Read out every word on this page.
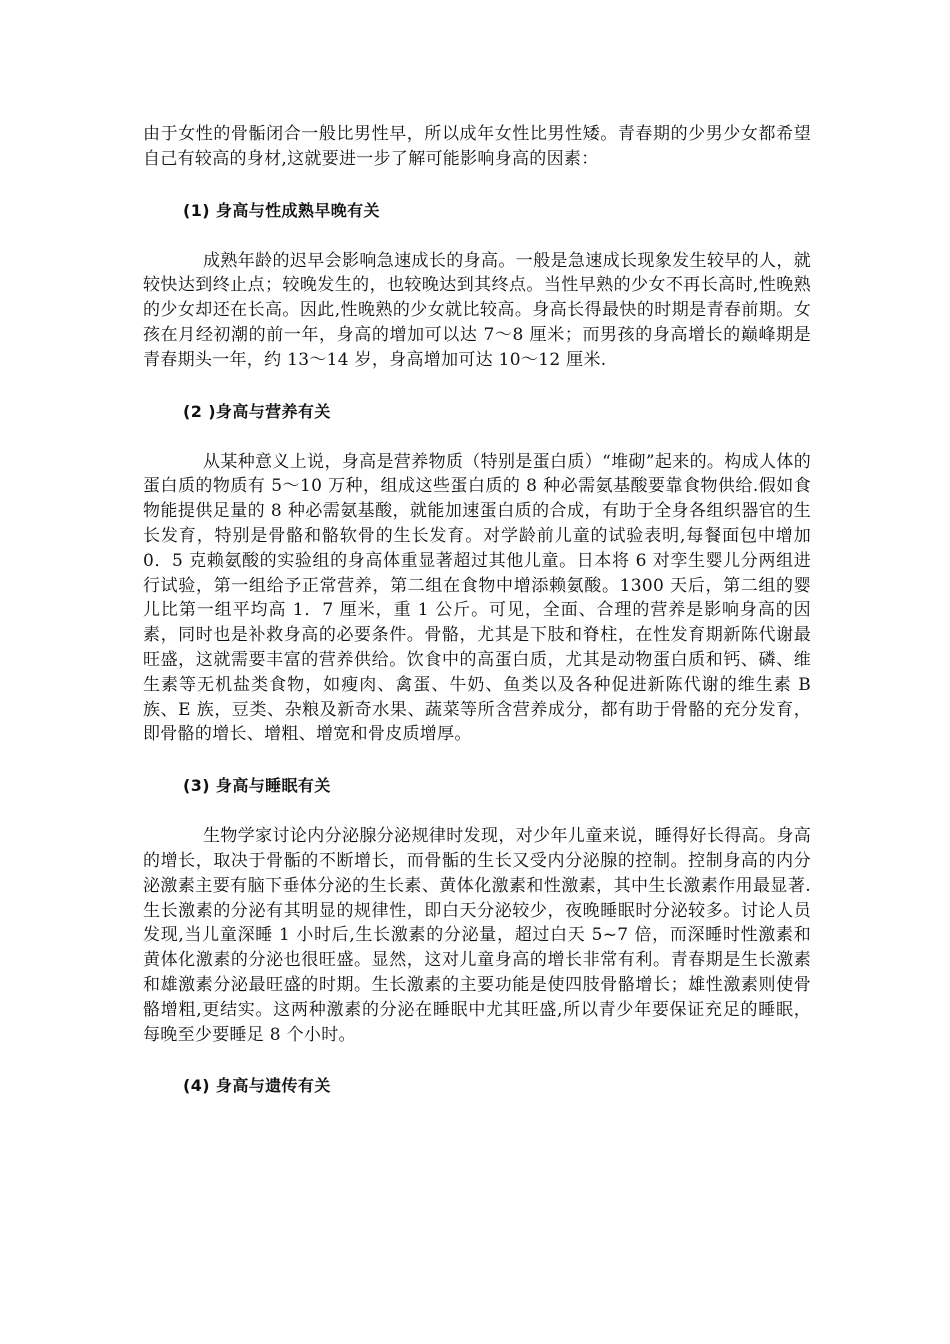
由于女性的骨骺闭合一般比男性早，所以成年女性比男性矮。青春期的少男少女都希望自己有较高的身材,这就要进一步了解可能影响身高的因素：

(1) 身高与性成熟早晚有关

成熟年龄的迟早会影响急速成长的身高。一般是急速成长现象发生较早的人，就较快达到终止点；较晚发生的，也较晚达到其终点。当性早熟的少女不再长高时,性晚熟的少女却还在长高。因此,性晚熟的少女就比较高。身高长得最快的时期是青春前期。女孩在月经初潮的前一年，身高的增加可以达 7～8 厘米；而男孩的身高增长的巅峰期是青春期头一年，约 13～14 岁，身高增加可达 10～12 厘米.

(2 )身高与营养有关

从某种意义上说，身高是营养物质（特别是蛋白质）“堆砌”起来的。构成人体的蛋白质的物质有 5～10 万种，组成这些蛋白质的 8 种必需氨基酸要靠食物供给.假如食物能提供足量的 8 种必需氨基酸，就能加速蛋白质的合成，有助于全身各组织器官的生长发育，特别是骨骼和骼软骨的生长发育。对学龄前儿童的试验表明,每餐面包中增加 0．5 克赖氨酸的实验组的身高体重显著超过其他儿童。日本将 6 对孪生婴儿分两组进行试验，第一组给予正常营养，第二组在食物中增添赖氨酸。1300 天后，第二组的婴儿比第一组平均高 1．7 厘米，重 1 公斤。可见，全面、合理的营养是影响身高的因素，同时也是补救身高的必要条件。骨骼，尤其是下肢和脊柱，在性发育期新陈代谢最旺盛，这就需要丰富的营养供给。饮食中的高蛋白质，尤其是动物蛋白质和钙、磷、维生素等无机盐类食物，如瘦肉、禽蛋、牛奶、鱼类以及各种促进新陈代谢的维生素 B 族、E 族，豆类、杂粮及新奇水果、蔬菜等所含营养成分，都有助于骨骼的充分发育，即骨骼的增长、增粗、增宽和骨皮质增厚。

(3) 身高与睡眠有关

生物学家讨论内分泌腺分泌规律时发现，对少年儿童来说，睡得好长得高。身高的增长，取决于骨骺的不断增长，而骨骺的生长又受内分泌腺的控制。控制身高的内分泌激素主要有脑下垂体分泌的生长素、黄体化激素和性激素，其中生长激素作用最显著.生长激素的分泌有其明显的规律性，即白天分泌较少，夜晚睡眠时分泌较多。讨论人员发现,当儿童深睡 1 小时后,生长激素的分泌量，超过白天 5~7 倍，而深睡时性激素和黄体化激素的分泌也很旺盛。显然，这对儿童身高的增长非常有利。青春期是生长激素和雄激素分泌最旺盛的时期。生长激素的主要功能是使四肢骨骼增长；雄性激素则使骨骼增粗,更结实。这两种激素的分泌在睡眠中尤其旺盛,所以青少年要保证充足的睡眠，每晚至少要睡足 8 个小时。

(4) 身高与遗传有关
